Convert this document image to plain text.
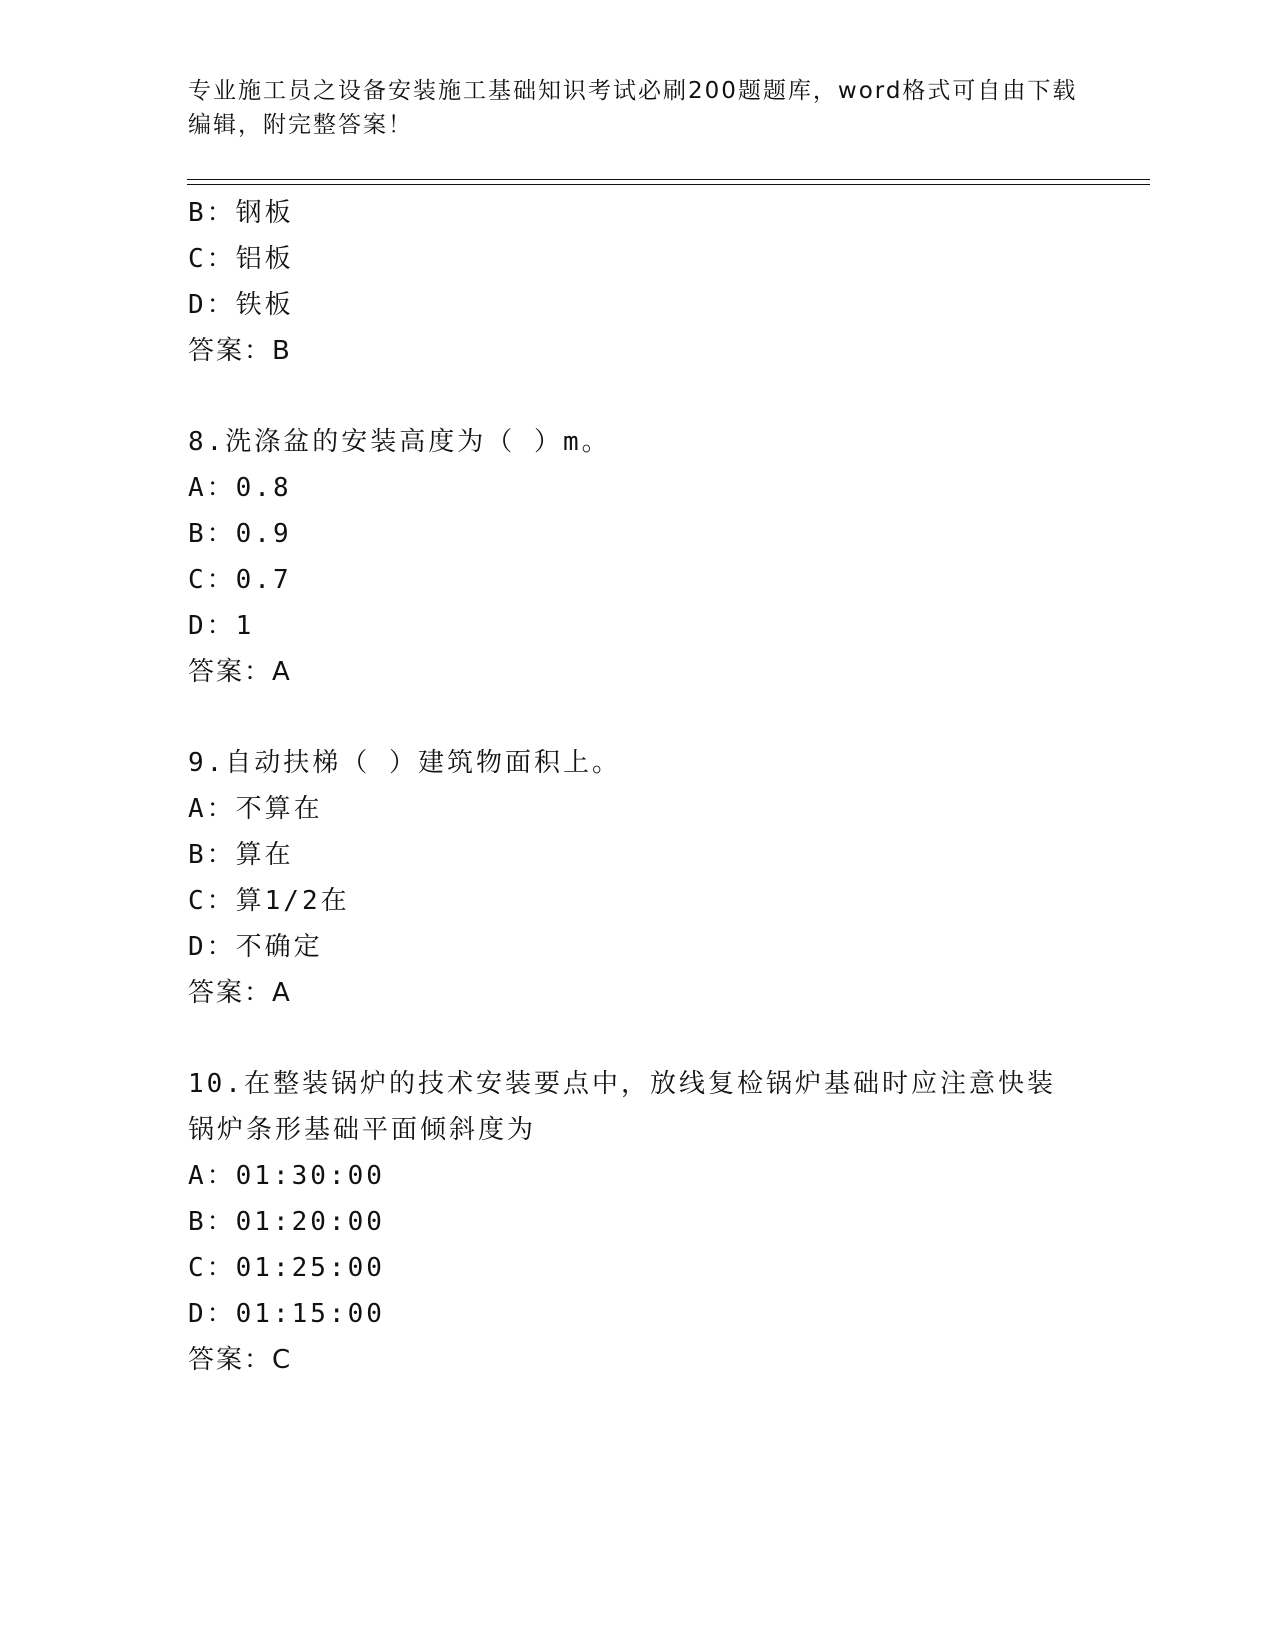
专业施工员之设备安装施工基础知识考试必刷200题题库，word格式可自由下载编辑，附完整答案！

B：钢板
C：铝板
D：铁板
答案：B
8.洗涤盆的安装高度为（ ）m。
A：0.8
B：0.9
C：0.7
D：1
答案：A
9.自动扶梯（ ）建筑物面积上。
A：不算在
B：算在
C：算1/2在
D：不确定
答案：A
10.在整装锅炉的技术安装要点中，放线复检锅炉基础时应注意快装锅炉条形基础平面倾斜度为
A：01:30:00
B：01:20:00
C：01:25:00
D：01:15:00
答案：C
